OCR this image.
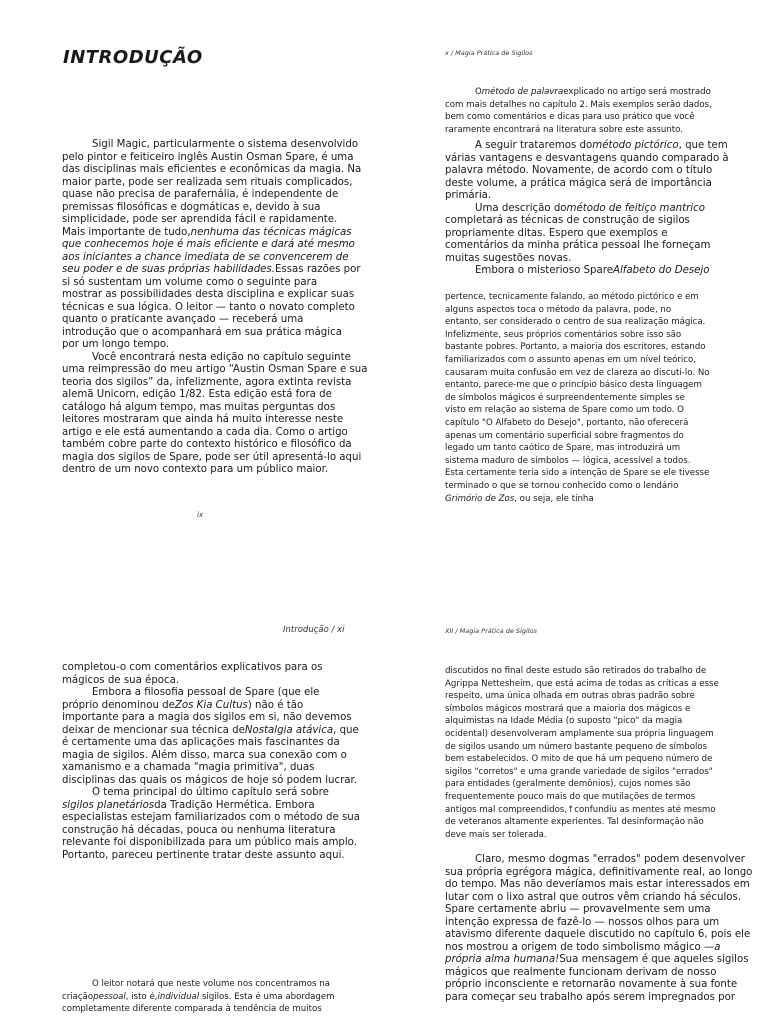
INTRODUÇÃO	x / Magia Prática de Sigilos
Introdução / xi	XII / Magia Prática de Sigilos
ix
Sigil Magic, particularmente o sistema desenvolvido
pelo pintor e feiticeiro inglês Austin Osman Spare, é uma
das disciplinas mais eficientes e econômicas da magia. Na
maior parte, pode ser realizada sem rituais complicados,
quase não precisa de parafernália, é independente de
premissas filosóficas e dogmáticas e, devido à sua
simplicidade, pode ser aprendida fácil e rapidamente.
Mais importante de tudo,nenhuma das técnicas mágicas
que conhecemos hoje é mais eficiente e dará até mesmo
aos iniciantes a chance imediata de se convencerem de
seu poder e de suas próprias habilidades.Essas razões por
si só sustentam um volume como o seguinte para
mostrar as possibilidades desta disciplina e explicar suas
técnicas e sua lógica. O leitor — tanto o novato completo
quanto o praticante avançado — receberá uma
introdução que o acompanhará em sua prática mágica
por um longo tempo.
Você encontrará nesta edição no capítulo seguinte
uma reimpressão do meu artigo “Austin Osman Spare e sua
teoria dos sigilos” da, infelizmente, agora extinta revista
alemã Unicorn, edição 1/82. Esta edição está fora de
catálogo há algum tempo, mas muitas perguntas dos
leitores mostraram que ainda há muito interesse neste
artigo e ele está aumentando a cada dia. Como o artigo
também cobre parte do contexto histórico e filosófico da
magia dos sigilos de Spare, pode ser útil apresentá-lo aqui
dentro de um novo contexto para um público maior.
Ométodo de palavraexplicado no artigo será mostrado
com mais detalhes no capítulo 2. Mais exemplos serão dados,
bem como comentários e dicas para uso prático que você
raramente encontrará na literatura sobre este assunto.
A seguir trataremos dométodo pictórico, que tem
várias vantagens e desvantagens quando comparado à
palavra método. Novamente, de acordo com o título
deste volume, a prática mágica será de importância
primária.
Uma descrição dométodo de feitiço mantrico
completará as técnicas de construção de sigilos
propriamente ditas. Espero que exemplos e
comentários da minha prática pessoal lhe forneçam
muitas sugestões novas.
Embora o misterioso SpareAlfabeto do Desejo
pertence, tecnicamente falando, ao método pictórico e em
alguns aspectos toca o método da palavra, pode, no
entanto, ser considerado o centro de sua realização mágica.
Infelizmente, seus próprios comentários sobre isso são
bastante pobres. Portanto, a maioria dos escritores, estando
familiarizados com o assunto apenas em um nível teórico,
causaram muita confusão em vez de clareza ao discuti-lo. No
entanto, parece-me que o princípio básico desta linguagem
de símbolos mágicos é surpreendentemente simples se
visto em relação ao sistema de Spare como um todo. O
capítulo "O Alfabeto do Desejo", portanto, não oferecerá
apenas um comentário superficial sobre fragmentos do
legado um tanto caótico de Spare, mas introduzirá um
sistema maduro de símbolos — lógica, acessível a todos.
Esta certamente teria sido a intenção de Spare se ele tivesse
terminado o que se tornou conhecido como o lendário
Grimório de Zos, ou seja, ele tinha
completou-o com comentários explicativos para os
mágicos de sua época.
Embora a filosofia pessoal de Spare (que ele
próprio denominou deZos Kia Cultus) não é tão
importante para a magia dos sigilos em si, não devemos
deixar de mencionar sua técnica deNostalgia atávica, que
é certamente uma das aplicações mais fascinantes da
magia de sigilos. Além disso, marca sua conexão com o
xamanismo e a chamada "magia primitiva", duas
disciplinas das quais os mágicos de hoje só podem lucrar.
O tema principal do último capítulo será sobre
sigilos planetáriosda Tradição Hermética. Embora
especialistas estejam familiarizados com o método de sua
construção há décadas, pouca ou nenhuma literatura
relevante foi disponibilizada para um público mais amplo.
Portanto, pareceu pertinente tratar deste assunto aqui.
O leitor notará que neste volume nos concentramos na
criaçãopessoal, isto é,individual sigilos. Esta é uma abordagem
completamente diferente comparada à tendência de muitos
discutidos no final deste estudo são retirados do trabalho de
Agrippa Nettesheim, que está acima de todas as críticas a esse
respeito, uma única olhada em outras obras padrão sobre
símbolos mágicos mostrará que a maioria dos mágicos e
alquimistas na Idade Média (o suposto "pico" da magia
ocidental) desenvolveram amplamente sua própria linguagem
de sigilos usando um número bastante pequeno de símbolos
bem estabelecidos. O mito de que há um pequeno número de
sigilos "corretos" e uma grande variedade de sigilos "errados"
para entidades (geralmente demônios), cujos nomes são
frequentemente pouco mais do que mutilações de termos
antigos mal compreendidos,↑confundiu as mentes até mesmo
de veteranos altamente experientes. Tal desinformação não
deve mais ser tolerada.
Claro, mesmo dogmas "errados" podem desenvolver
sua própria egrégora mágica, definitivamente real, ao longo
do tempo. Mas não deveríamos mais estar interessados em
lutar com o lixo astral que outros vêm criando há séculos.
Spare certamente abriu — provavelmente sem uma
intenção expressa de fazê-lo — nossos olhos para um
atavismo diferente daquele discutido no capítulo 6, pois ele
nos mostrou a origem de todo simbolismo mágico —a
própria alma humana!Sua mensagem é que aqueles sigilos
mágicos que realmente funcionam derivam de nosso
próprio inconsciente e retornarão novamente à sua fonte
para começar seu trabalho após serem impregnados por
